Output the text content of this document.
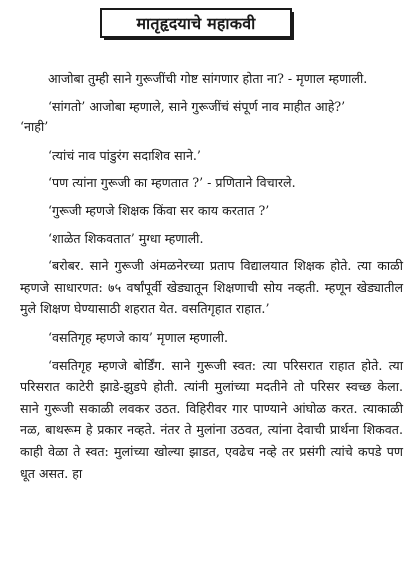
मातृहृदयाचे महाकवी

आजोबा तुम्ही साने गुरूजींची गोष्ट सांगणार होता ना? - मृणाल म्हणाली.

‘सांगतो’ आजोबा म्हणाले, साने गुरूजींचं संपूर्ण नाव माहीत आहे?’

‘नाही’

‘त्यांचं नाव पांडुरंग सदाशिव साने.’

‘पण त्यांना गुरूजी का म्हणतात ?’ - प्रणिताने विचारले.

‘गुरूजी म्हणजे शिक्षक किंवा सर काय करतात ?’

‘शाळेत शिकवतात’ मुग्धा म्हणाली.

‘बरोबर. साने गुरूजी अंमळनेरच्या प्रताप विद्यालयात शिक्षक होते. त्या काळी म्हणजे साधारणत: ७५ वर्षांपूर्वी खेड्यातून शिक्षणाची सोय नव्हती. म्हणून खेड्यातील मुले शिक्षण घेण्यासाठी शहरात येत. वसतिगृहात राहात.’

‘वसतिगृह म्हणजे काय’ मृणाल म्हणाली.

‘वसतिगृह म्हणजे बोर्डिंग. साने गुरूजी स्वत: त्या परिसरात राहात होते. त्या परिसरात काटेरी झाडे-झुडपे होती. त्यांनी मुलांच्या मदतीने तो परिसर स्वच्छ केला. साने गुरूजी सकाळी लवकर उठत. विहिरीवर गार पाण्याने आंघोळ करत. त्याकाळी नळ, बाथरूम हे प्रकार नव्हते. नंतर ते मुलांना उठवत, त्यांना देवाची प्रार्थना शिकवत. काही वेळा ते स्वत: मुलांच्या खोल्या झाडत, एवढेच नव्हे तर प्रसंगी त्यांचे कपडे पण धूत असत. हा
